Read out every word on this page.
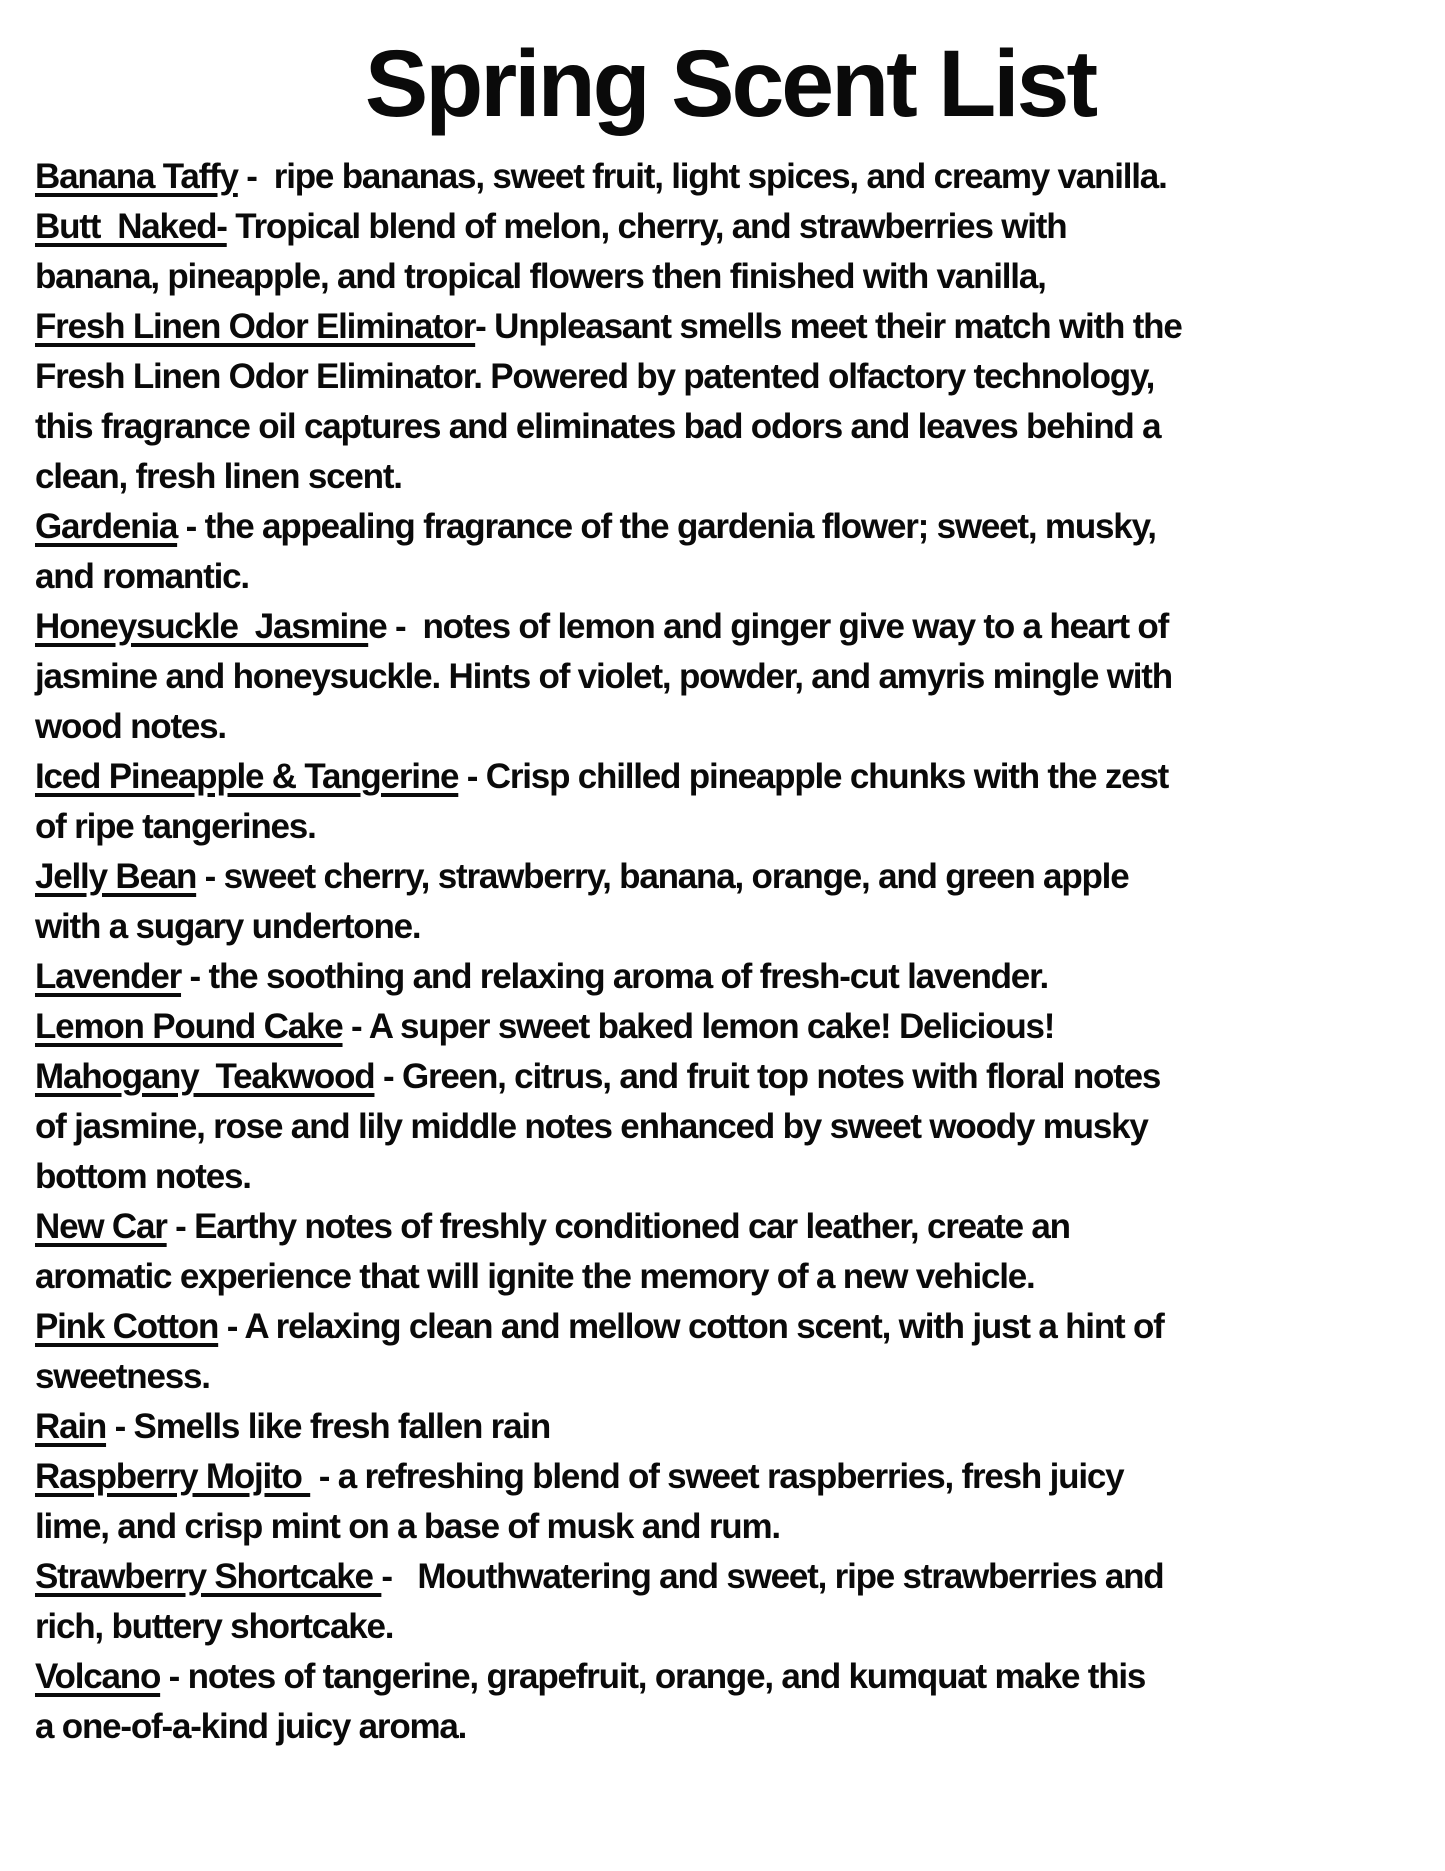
Spring Scent List
Banana Taffy -  ripe bananas, sweet fruit, light spices, and creamy vanilla.
Butt  Naked- Tropical blend of melon, cherry, and strawberries with
banana, pineapple, and tropical flowers then finished with vanilla,
Fresh Linen Odor Eliminator- Unpleasant smells meet their match with the
Fresh Linen Odor Eliminator. Powered by patented olfactory technology,
this fragrance oil captures and eliminates bad odors and leaves behind a
clean, fresh linen scent.
Gardenia - the appealing fragrance of the gardenia flower; sweet, musky,
and romantic.
Honeysuckle  Jasmine -  notes of lemon and ginger give way to a heart of
jasmine and honeysuckle. Hints of violet, powder, and amyris mingle with
wood notes.
Iced Pineapple & Tangerine - Crisp chilled pineapple chunks with the zest
of ripe tangerines.
Jelly Bean - sweet cherry, strawberry, banana, orange, and green apple
with a sugary undertone.
Lavender - the soothing and relaxing aroma of fresh-cut lavender.
Lemon Pound Cake - A super sweet baked lemon cake! Delicious!
Mahogany  Teakwood - Green, citrus, and fruit top notes with floral notes
of jasmine, rose and lily middle notes enhanced by sweet woody musky
bottom notes.
New Car - Earthy notes of freshly conditioned car leather, create an
aromatic experience that will ignite the memory of a new vehicle.
Pink Cotton - A relaxing clean and mellow cotton scent, with just a hint of
sweetness.
Rain - Smells like fresh fallen rain
Raspberry Mojito  - a refreshing blend of sweet raspberries, fresh juicy
lime, and crisp mint on a base of musk and rum.
Strawberry Shortcake -   Mouthwatering and sweet, ripe strawberries and
rich, buttery shortcake.
Volcano - notes of tangerine, grapefruit, orange, and kumquat make this
a one-of-a-kind juicy aroma.
